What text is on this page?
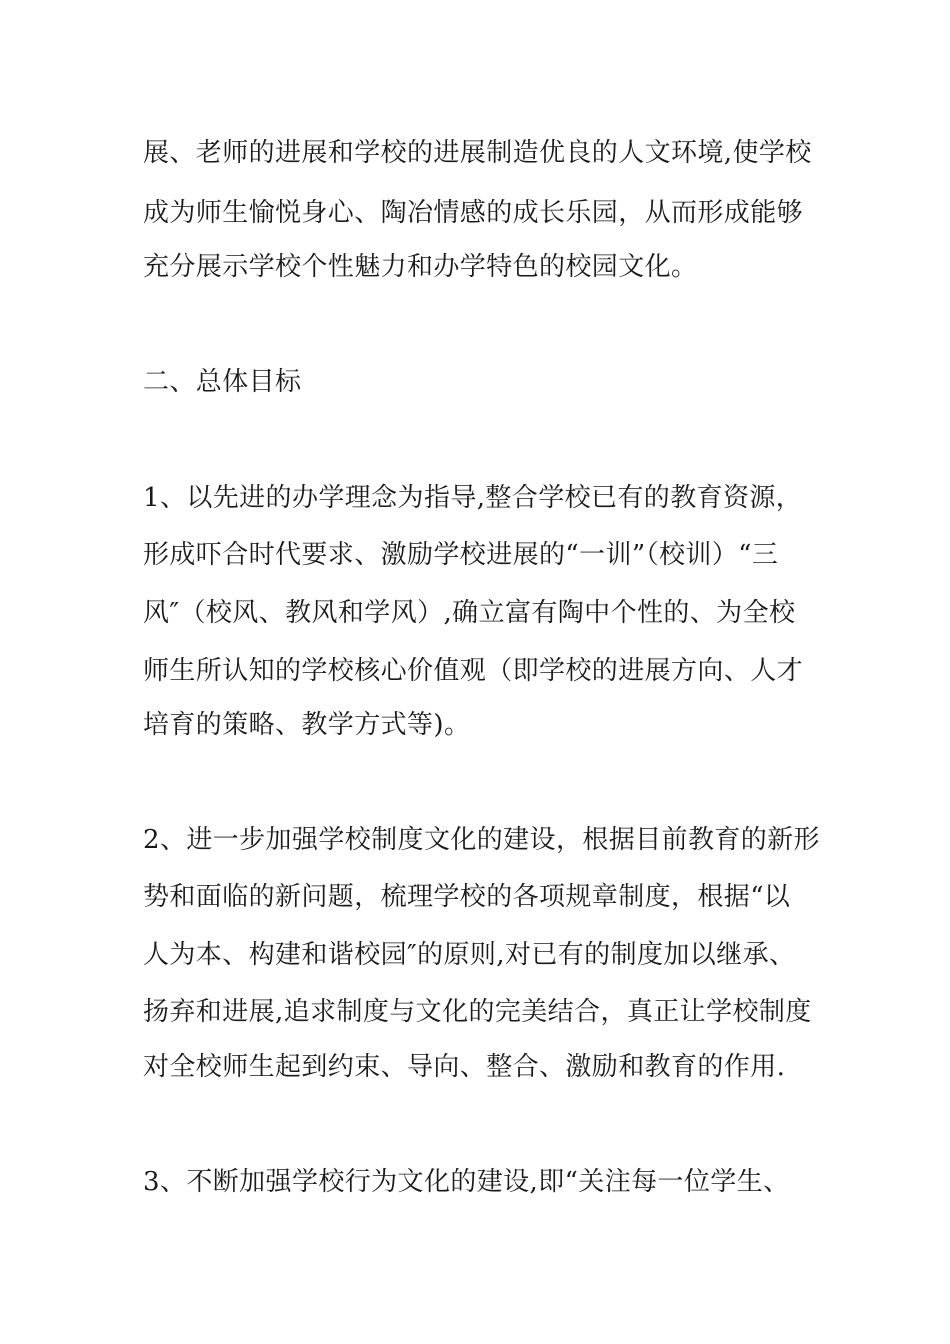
展、老师的进展和学校的进展制造优良的人文环境,使学校
成为师生愉悦身心、陶冶情感的成长乐园，从而形成能够
充分展示学校个性魅力和办学特色的校园文化。
二、总体目标
1、以先进的办学理念为指导,整合学校已有的教育资源，
形成吓合时代要求、激励学校进展的“一训”（校训）“三
风″（校风、教风和学风）,确立富有陶中个性的、为全校
师生所认知的学校核心价值观（即学校的进展方向、人才
培育的策略、教学方式等)。
2、进一步加强学校制度文化的建设，根据目前教育的新形
势和面临的新问题，梳理学校的各项规章制度，根据“以
人为本、构建和谐校园″的原则,对已有的制度加以继承、
扬弃和进展,追求制度与文化的完美结合，真正让学校制度
对全校师生起到约束、导向、整合、激励和教育的作用.
3、不断加强学校行为文化的建设,即“关注每一位学生、
